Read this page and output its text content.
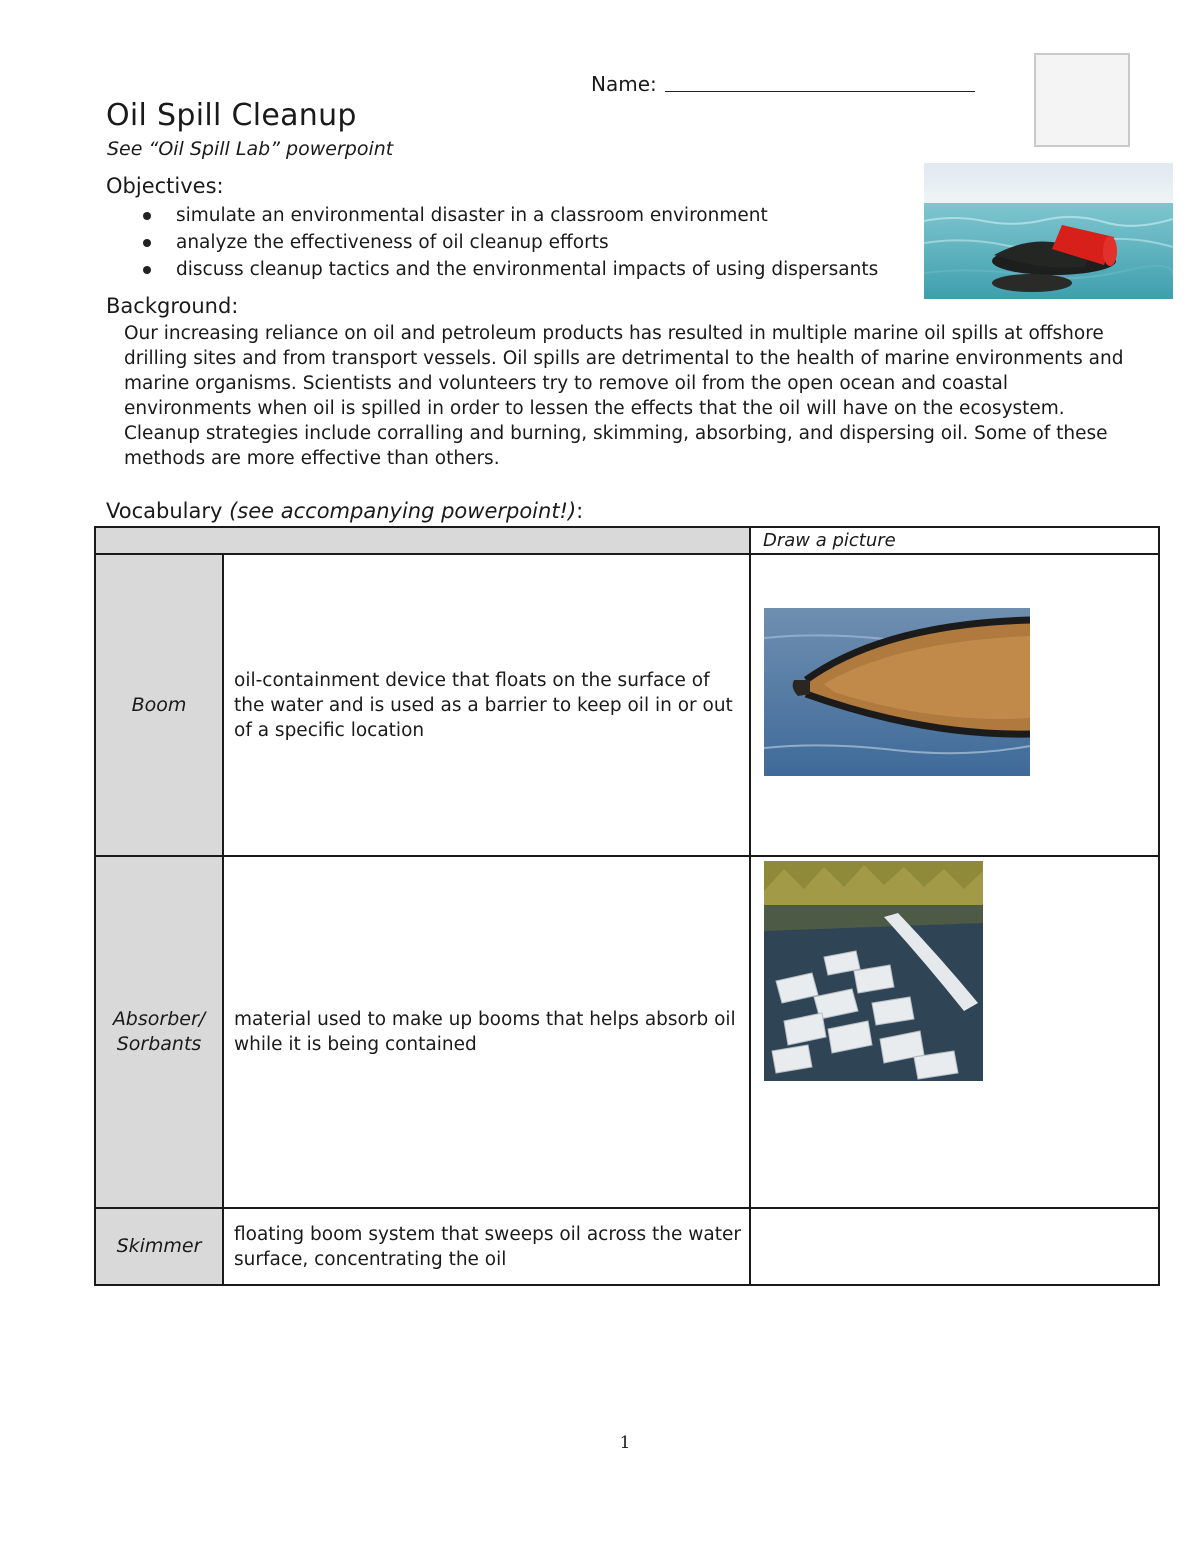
Name:
Oil Spill Cleanup
See “Oil Spill Lab” powerpoint
Objectives:
simulate an environmental disaster in a classroom environment
analyze the effectiveness of oil cleanup efforts
discuss cleanup tactics and the environmental impacts of using dispersants
Background:
Our increasing reliance on oil and petroleum products has resulted in multiple marine oil spills at offshore drilling sites and from transport vessels. Oil spills are detrimental to the health of marine environments and marine organisms. Scientists and volunteers try to remove oil from the open ocean and coastal environments when oil is spilled in order to lessen the effects that the oil will have on the ecosystem. Cleanup strategies include corralling and burning, skimming, absorbing, and dispersing oil. Some of these methods are more effective than others.
Vocabulary (see accompanying powerpoint!):
		Draw a picture
Boom	oil-containment device that floats on the surface of the water and is used as a barrier to keep oil in or out of a specific location	

Absorber/ Sorbants	material used to make up booms that helps absorb oil while it is being contained	

Skimmer	floating boom system that sweeps oil across the water surface, concentrating the oil	
1
